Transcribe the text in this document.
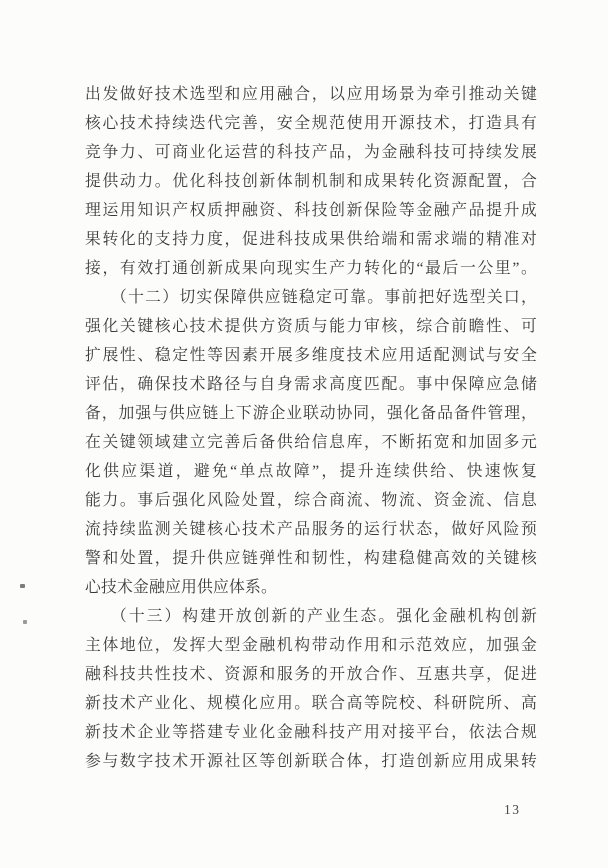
出发做好技术选型和应用融合，以应用场景为牵引推动关键
核心技术持续迭代完善，安全规范使用开源技术，打造具有
竞争力、可商业化运营的科技产品，为金融科技可持续发展
提供动力。优化科技创新体制机制和成果转化资源配置，合
理运用知识产权质押融资、科技创新保险等金融产品提升成
果转化的支持力度，促进科技成果供给端和需求端的精准对
接，有效打通创新成果向现实生产力转化的“最后一公里”。
（十二）切实保障供应链稳定可靠。事前把好选型关口，
强化关键核心技术提供方资质与能力审核，综合前瞻性、可
扩展性、稳定性等因素开展多维度技术应用适配测试与安全
评估，确保技术路径与自身需求高度匹配。事中保障应急储
备，加强与供应链上下游企业联动协同，强化备品备件管理，
在关键领域建立完善后备供给信息库，不断拓宽和加固多元
化供应渠道，避免“单点故障”，提升连续供给、快速恢复
能力。事后强化风险处置，综合商流、物流、资金流、信息
流持续监测关键核心技术产品服务的运行状态，做好风险预
警和处置，提升供应链弹性和韧性，构建稳健高效的关键核
心技术金融应用供应体系。
（十三）构建开放创新的产业生态。强化金融机构创新
主体地位，发挥大型金融机构带动作用和示范效应，加强金
融科技共性技术、资源和服务的开放合作、互惠共享，促进
新技术产业化、规模化应用。联合高等院校、科研院所、高
新技术企业等搭建专业化金融科技产用对接平台，依法合规
参与数字技术开源社区等创新联合体，打造创新应用成果转
13
